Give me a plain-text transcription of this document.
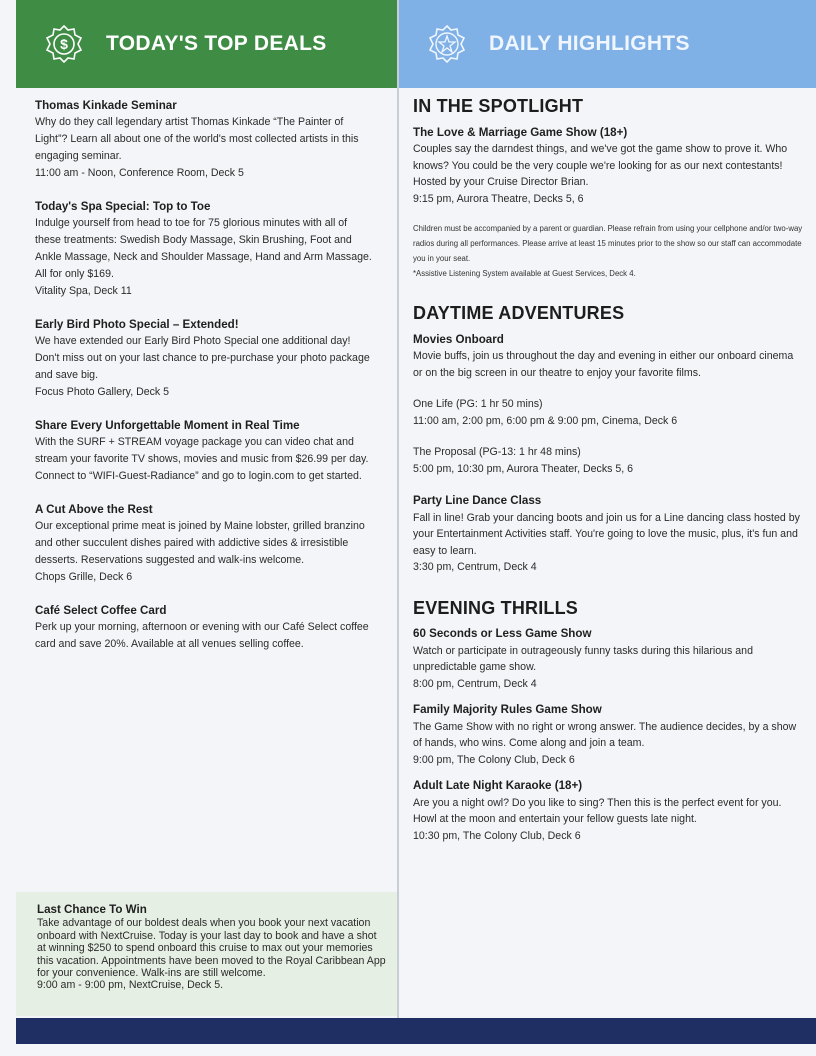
$ TODAY'S TOP DEALS	DAILY HIGHLIGHTS
Thomas Kinkade Seminar

Why do they call legendary artist Thomas Kinkade “The Painter of Light”? Learn all about one of the world's most collected artists in this engaging seminar.

11:00 am - Noon, Conference Room, Deck 5

Today's Spa Special: Top to Toe

Indulge yourself from head to toe for 75 glorious minutes with all of these treatments: Swedish Body Massage, Skin Brushing, Foot and Ankle Massage, Neck and Shoulder Massage, Hand and Arm Massage. All for only $169.

Vitality Spa, Deck 11

Early Bird Photo Special – Extended!

We have extended our Early Bird Photo Special one additional day! Don't miss out on your last chance to pre-purchase your photo package and save big.

Focus Photo Gallery, Deck 5

Share Every Unforgettable Moment in Real Time

With the SURF + STREAM voyage package you can video chat and stream your favorite TV shows, movies and music from $26.99 per day. Connect to “WIFI-Guest-Radiance” and go to login.com to get started.

A Cut Above the Rest

Our exceptional prime meat is joined by Maine lobster, grilled branzino and other succulent dishes paired with addictive sides & irresistible desserts. Reservations suggested and walk-ins welcome.

Chops Grille, Deck 6

Café Select Coffee Card

Perk up your morning, afternoon or evening with our Café Select coffee card and save 20%. Available at all venues selling coffee.

Last Chance To Win

Take advantage of our boldest deals when you book your next vacation onboard with NextCruise. Today is your last day to book and have a shot at winning $250 to spend onboard this cruise to max out your memories this vacation. Appointments have been moved to the Royal Caribbean App for your convenience. Walk-ins are still welcome.

9:00 am - 9:00 pm, NextCruise, Deck 5.

IN THE SPOTLIGHT
The Love & Marriage Game Show (18+)

Couples say the darndest things, and we've got the game show to prove it. Who knows? You could be the very couple we're looking for as our next contestants! Hosted by your Cruise Director Brian.

9:15 pm, Aurora Theatre, Decks 5, 6

Children must be accompanied by a parent or guardian. Please refrain from using your cellphone and/or two-way radios during all performances. Please arrive at least 15 minutes prior to the show so our staff can accommodate you in your seat.
*Assistive Listening System available at Guest Services, Deck 4.
DAYTIME ADVENTURES
Movies Onboard

Movie buffs, join us throughout the day and evening in either our onboard cinema or on the big screen in our theatre to enjoy your favorite films.

One Life (PG: 1 hr 50 mins)

11:00 am, 2:00 pm, 6:00 pm & 9:00 pm, Cinema, Deck 6

The Proposal (PG-13: 1 hr 48 mins)

5:00 pm, 10:30 pm, Aurora Theater, Decks 5, 6

Party Line Dance Class

Fall in line! Grab your dancing boots and join us for a Line dancing class hosted by your Entertainment Activities staff. You're going to love the music, plus, it's fun and easy to learn.

3:30 pm, Centrum, Deck 4

EVENING THRILLS
60 Seconds or Less Game Show

Watch or participate in outrageously funny tasks during this hilarious and unpredictable game show.

8:00 pm, Centrum, Deck 4

Family Majority Rules Game Show

The Game Show with no right or wrong answer. The audience decides, by a show of hands, who wins. Come along and join a team.

9:00 pm, The Colony Club, Deck 6

Adult Late Night Karaoke (18+)

Are you a night owl? Do you like to sing? Then this is the perfect event for you. Howl at the moon and entertain your fellow guests late night.

10:30 pm, The Colony Club, Deck 6
